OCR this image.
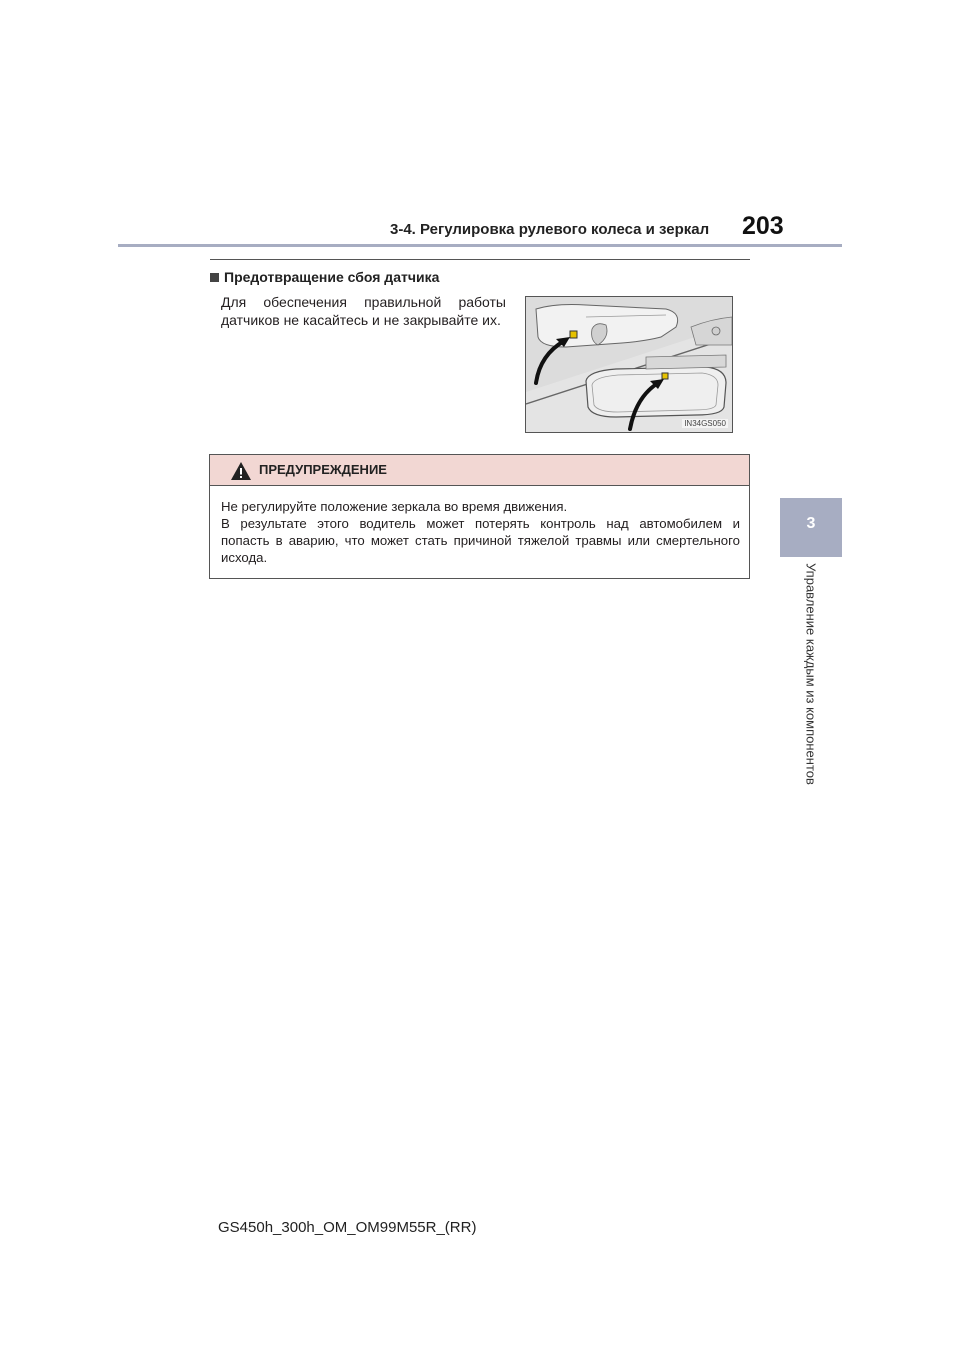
3-4. Регулировка рулевого колеса и зеркал 203
3
Управление каждым из компонентов
Предотвращение сбоя датчика
Для обеспечения правильной работы датчиков не касайтесь и не закрывайте их.
IN34GS050
ПРЕДУПРЕЖДЕНИЕ

Не регулируйте положение зеркала во время движения.

В результате этого водитель может потерять контроль над автомобилем и

попасть в аварию, что может стать причиной тяжелой травмы или смертельного

исхода.

GS450h_300h_OM_OM99M55R_(RR)
